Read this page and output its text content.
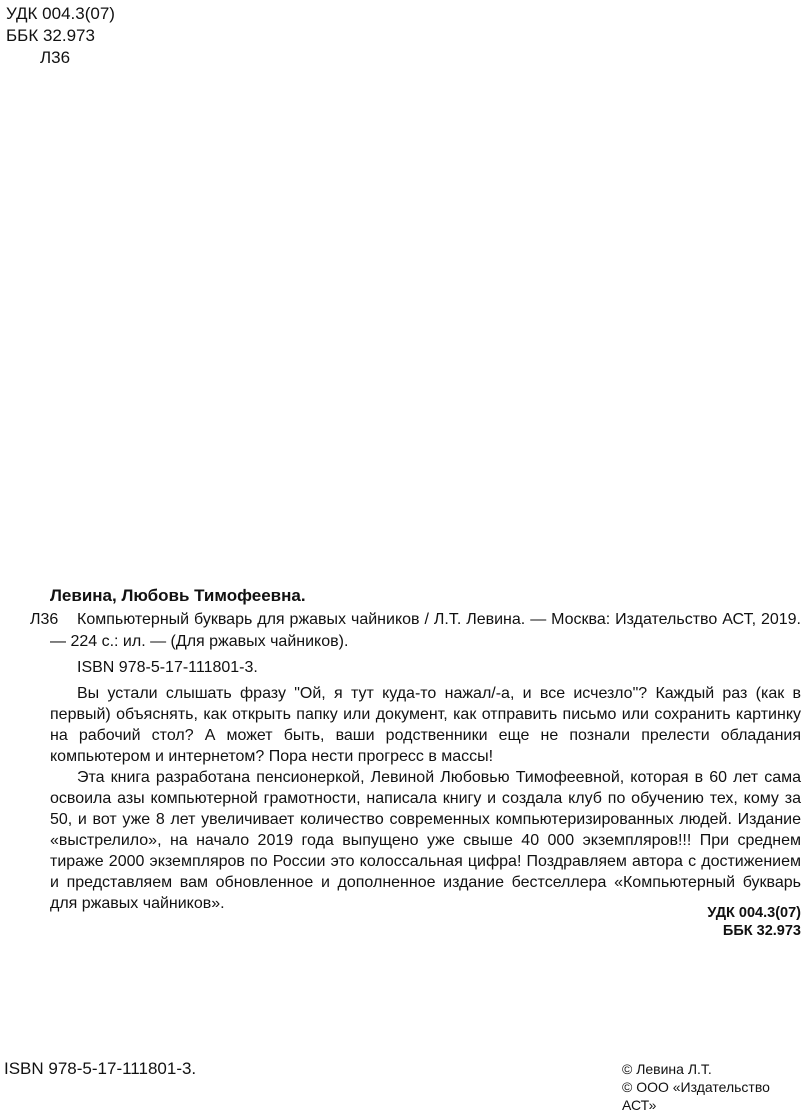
УДК 004.3(07)
ББК 32.973
Л36
Левина, Любовь Тимофеевна.
Л36	Компьютерный букварь для ржавых чайников / Л.Т. Левина. — Москва: Издательство АСТ, 2019. — 224 с.: ил. — (Для ржавых чайников).

ISBN 978-5-17-111801-3.

Вы устали слышать фразу "Ой, я тут куда-то нажал/-а, и все исчезло"? Каждый раз (как в первый) объяснять, как открыть папку или документ, как отправить письмо или сохранить картинку на рабочий стол? А может быть, ваши родственники еще не познали прелести обладания компьютером и интернетом? Пора нести прогресс в массы!

Эта книга разработана пенсионеркой, Левиной Любовью Тимофеевной, которая в 60 лет сама освоила азы компьютерной грамотности, написала книгу и создала клуб по обучению тех, кому за 50, и вот уже 8 лет увеличивает количество современных компьютеризированных людей. Издание «выстрелило», на начало 2019 года выпущено уже свыше 40 000 экземпляров!!! При среднем тираже 2000 экземпляров по России это колоссальная цифра! Поздравляем автора с достижением и представляем вам обновленное и дополненное издание бестселлера «Компьютерный букварь для ржавых чайников».

УДК 004.3(07)
ББК 32.973
ISBN 978-5-17-111801-3.	© Левина Л.Т.
© ООО «Издательство АСТ»
